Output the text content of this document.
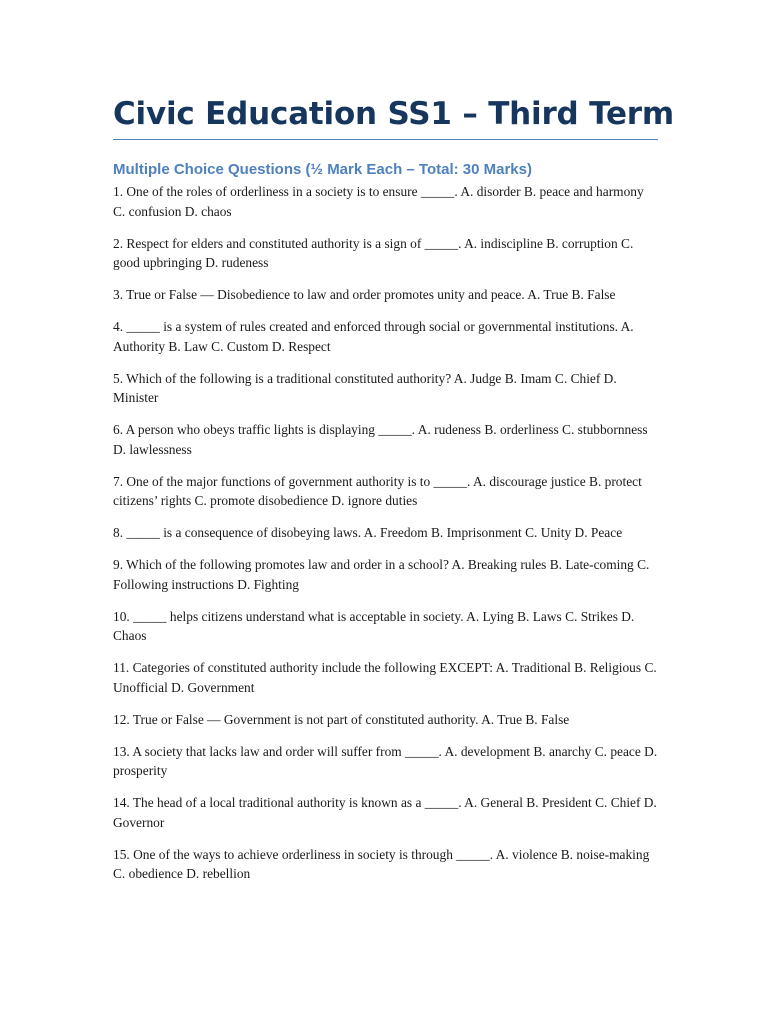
Civic Education SS1 – Third Term
Multiple Choice Questions (½ Mark Each – Total: 30 Marks)
1. One of the roles of orderliness in a society is to ensure _____. A. disorder B. peace and harmony C. confusion D. chaos
2. Respect for elders and constituted authority is a sign of _____. A. indiscipline B. corruption C. good upbringing D. rudeness
3. True or False — Disobedience to law and order promotes unity and peace. A. True B. False
4. _____ is a system of rules created and enforced through social or governmental institutions. A. Authority B. Law C. Custom D. Respect
5. Which of the following is a traditional constituted authority? A. Judge B. Imam C. Chief D. Minister
6. A person who obeys traffic lights is displaying _____. A. rudeness B. orderliness C. stubbornness D. lawlessness
7. One of the major functions of government authority is to _____. A. discourage justice B. protect citizens’ rights C. promote disobedience D. ignore duties
8. _____ is a consequence of disobeying laws. A. Freedom B. Imprisonment C. Unity D. Peace
9. Which of the following promotes law and order in a school? A. Breaking rules B. Late-coming C. Following instructions D. Fighting
10. _____ helps citizens understand what is acceptable in society. A. Lying B. Laws C. Strikes D. Chaos
11. Categories of constituted authority include the following EXCEPT: A. Traditional B. Religious C. Unofficial D. Government
12. True or False — Government is not part of constituted authority. A. True B. False
13. A society that lacks law and order will suffer from _____. A. development B. anarchy C. peace D. prosperity
14. The head of a local traditional authority is known as a _____. A. General B. President C. Chief D. Governor
15. One of the ways to achieve orderliness in society is through _____. A. violence B. noise-making C. obedience D. rebellion
